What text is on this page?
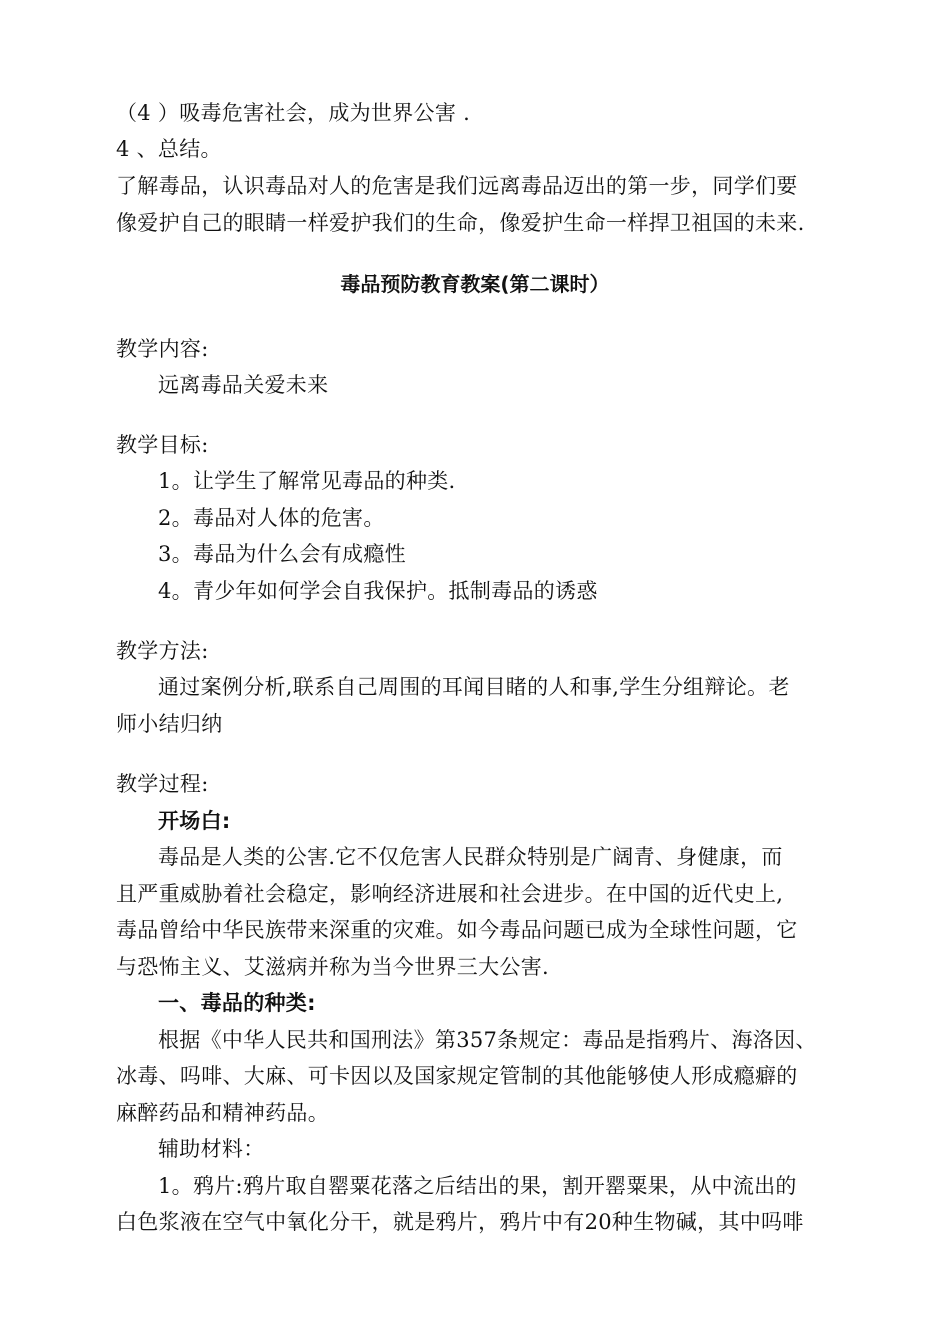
（4 ）吸毒危害社会，成为世界公害 .

4 、总结。

了解毒品，认识毒品对人的危害是我们远离毒品迈出的第一步，同学们要

像爱护自己的眼睛一样爱护我们的生命，像爱护生命一样捍卫祖国的未来.

毒品预防教育教案(第二课时）

教学内容:

远离毒品关爱未来

教学目标:

1。让学生了解常见毒品的种类.

2。毒品对人体的危害。

3。毒品为什么会有成瘾性

4。青少年如何学会自我保护。抵制毒品的诱惑

教学方法:

通过案例分析,联系自己周围的耳闻目睹的人和事,学生分组辩论。老

师小结归纳

教学过程:

开场白:

毒品是人类的公害.它不仅危害人民群众特别是广阔青、身健康，而

且严重威胁着社会稳定，影响经济进展和社会进步。在中国的近代史上,

毒品曾给中华民族带来深重的灾难。如今毒品问题已成为全球性问题，它

与恐怖主义、艾滋病并称为当今世界三大公害.

一、毒品的种类:

根据《中华人民共和国刑法》第357条规定：毒品是指鸦片、海洛因、

冰毒、吗啡、大麻、可卡因以及国家规定管制的其他能够使人形成瘾癖的

麻醉药品和精神药品。

辅助材料：

1。鸦片:鸦片取自罂粟花落之后结出的果，割开罂粟果，从中流出的

白色浆液在空气中氧化分干，就是鸦片，鸦片中有20种生物碱，其中吗啡
